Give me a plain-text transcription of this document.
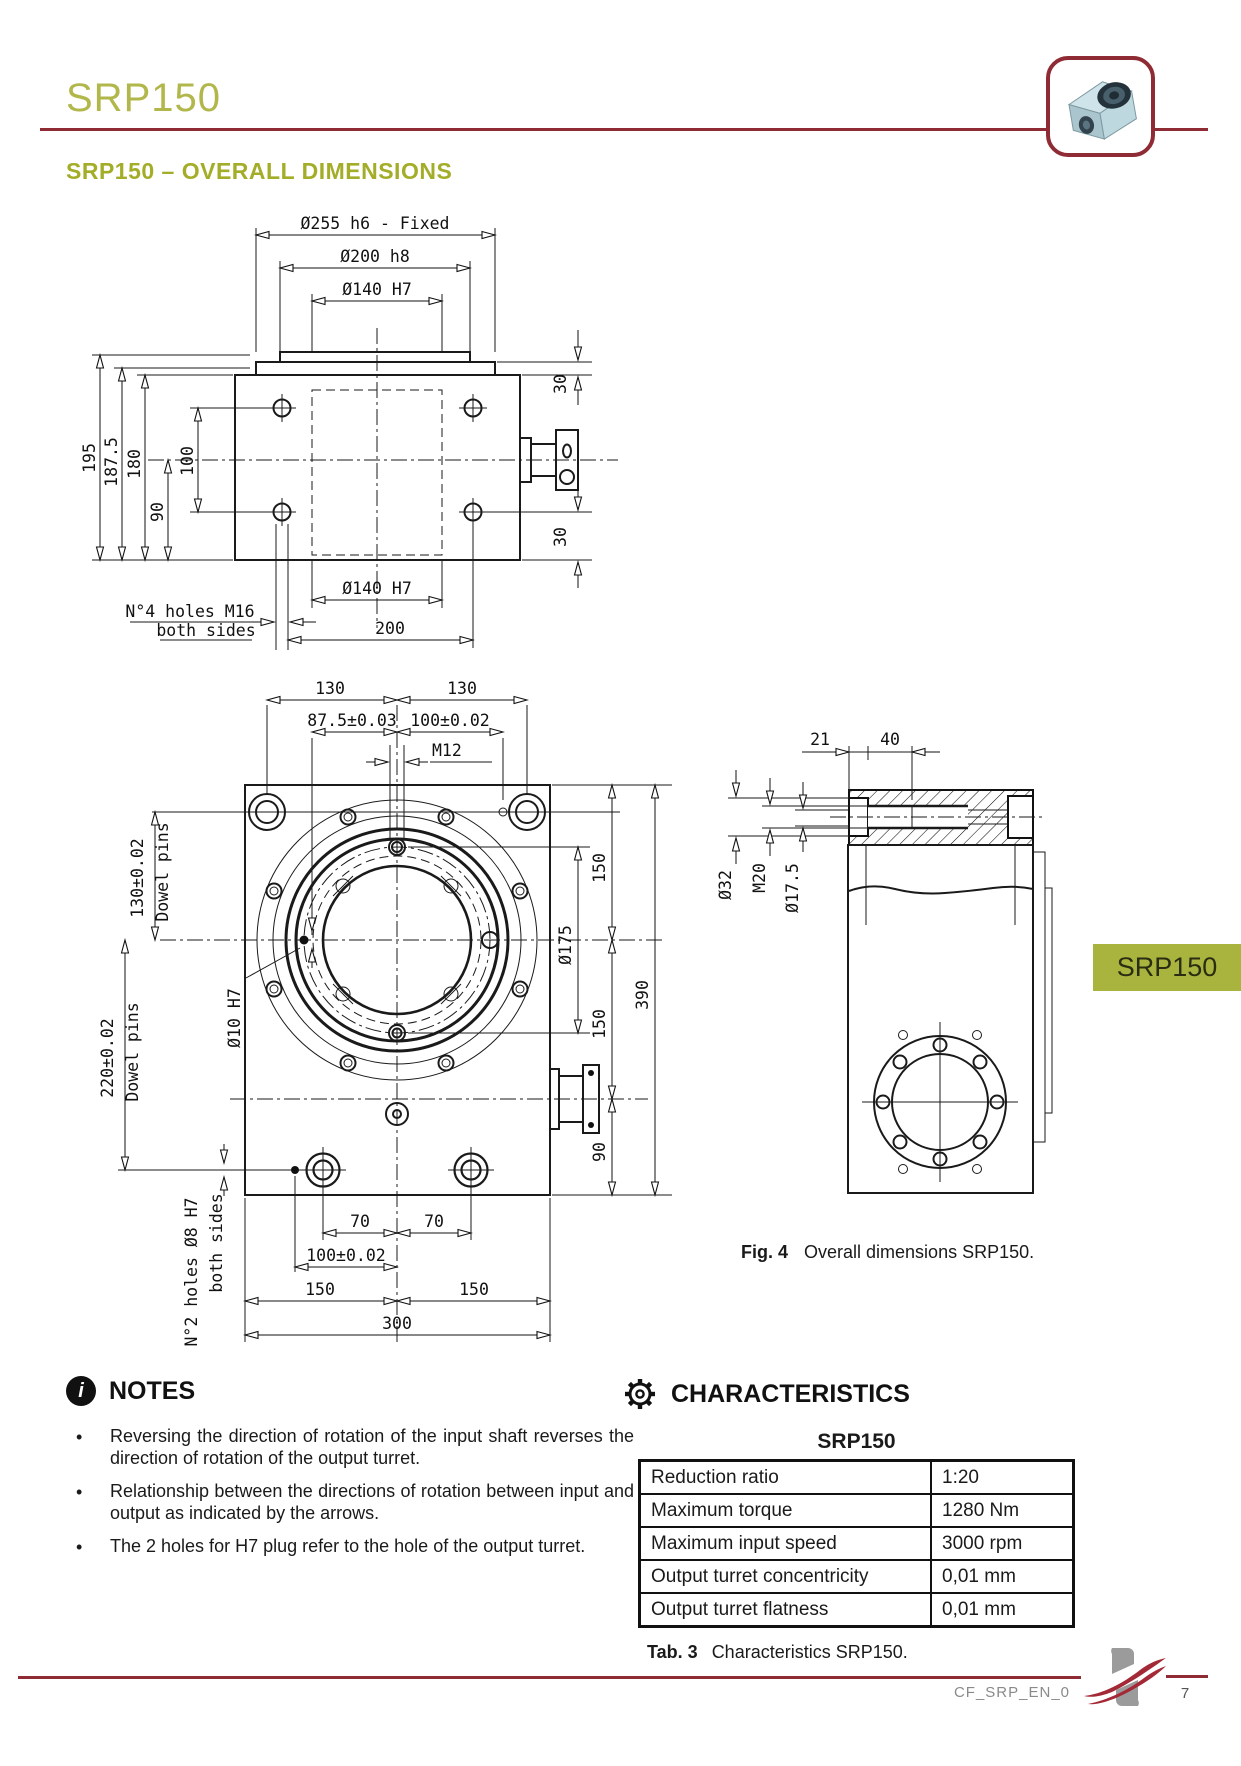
SRP150
SRP150 – OVERALL DIMENSIONS
Ø255 h6 - Fixed
Ø200 h8
Ø140 H7
30
30
195 187.5 180 100
90
Ø140 H7
N°4 holes M16
both sides	200
130	130
87.5±0.03 100±0.02
M12
150
150
90
390
Ø175
130±0.02 Dowel pins
220±0.02 Dowel pins	Ø10 H7
N°2 holes Ø8 H7 both sides	70	70
100±0.02
150	150
300
21	40
Ø32 M20 Ø17.5
SRP150
Fig. 4 Overall dimensions SRP150.
i	NOTES
• Reversing the direction of rotation of the input shaft reverses the direction of rotation of the output turret.
• Relationship between the directions of rotation between input and output as indicated by the arrows.
• The 2 holes for H7 plug refer to the hole of the output turret.
CHARACTERISTICS
SRP150
Reduction ratio	1:20
Maximum torque	1280 Nm
Maximum input speed	3000 rpm
Output turret concentricity	0,01 mm
Output turret flatness	0,01 mm
Tab. 3 Characteristics SRP150.
CF_SRP_EN_0	7
